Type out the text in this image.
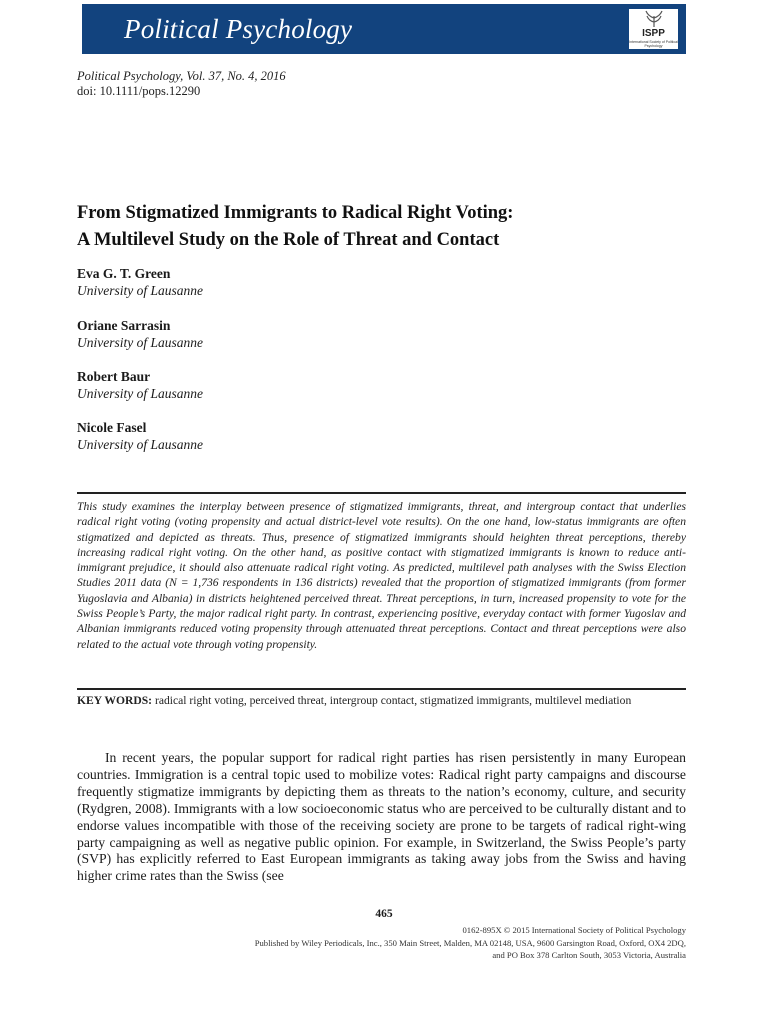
Political Psychology	ISPP
International Society of Political Psychology
Political Psychology, Vol. 37, No. 4, 2016
doi: 10.1111/pops.12290
From Stigmatized Immigrants to Radical Right Voting:
A Multilevel Study on the Role of Threat and Contact
Eva G. T. Green
University of Lausanne
Oriane Sarrasin
University of Lausanne
Robert Baur
University of Lausanne
Nicole Fasel
University of Lausanne
This study examines the interplay between presence of stigmatized immigrants, threat, and intergroup contact that underlies radical right voting (voting propensity and actual district-level vote results). On the one hand, low-status immigrants are often stigmatized and depicted as threats. Thus, presence of stigmatized immigrants should heighten threat perceptions, thereby increasing radical right voting. On the other hand, as positive contact with stigmatized immigrants is known to reduce anti-immigrant prejudice, it should also attenuate radical right voting. As predicted, multilevel path analyses with the Swiss Election Studies 2011 data (N = 1,736 respondents in 136 districts) revealed that the proportion of stigmatized immigrants (from former Yugoslavia and Albania) in districts heightened perceived threat. Threat perceptions, in turn, increased propensity to vote for the Swiss People’s Party, the major radical right party. In contrast, experiencing positive, everyday contact with former Yugoslav and Albanian immigrants reduced voting propensity through attenuated threat perceptions. Contact and threat perceptions were also related to the actual vote through voting propensity.
KEY WORDS: radical right voting, perceived threat, intergroup contact, stigmatized immigrants, multilevel mediation
In recent years, the popular support for radical right parties has risen persistently in many European countries. Immigration is a central topic used to mobilize votes: Radical right party campaigns and discourse frequently stigmatize immigrants by depicting them as threats to the nation’s economy, culture, and security (Rydgren, 2008). Immigrants with a low socioeconomic status who are perceived to be culturally distant and to endorse values incompatible with those of the receiving society are prone to be targets of radical right-wing party campaigning as well as negative public opinion. For example, in Switzerland, the Swiss People’s party (SVP) has explicitly referred to East European immigrants as taking away jobs from the Swiss and having higher crime rates than the Swiss (see
465
0162-895X © 2015 International Society of Political Psychology
Published by Wiley Periodicals, Inc., 350 Main Street, Malden, MA 02148, USA, 9600 Garsington Road, Oxford, OX4 2DQ,
and PO Box 378 Carlton South, 3053 Victoria, Australia
